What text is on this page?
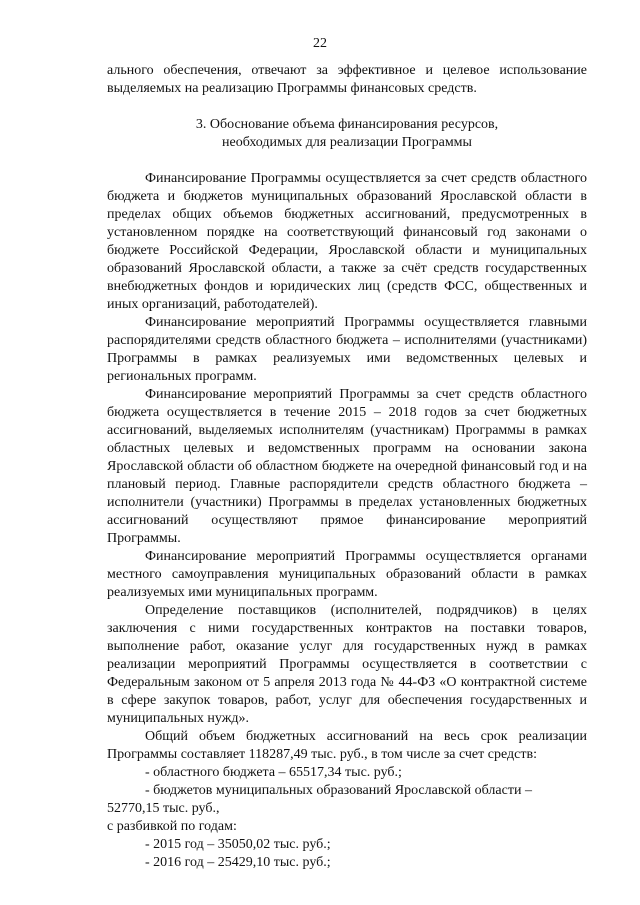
22

ального обеспечения, отвечают за эффективное и целевое использование выделяемых на реализацию Программы финансовых средств.

3. Обоснование объема финансирования ресурсов,
необходимых для реализации Программы

Финансирование Программы осуществляется за счет средств областного бюджета и бюджетов муниципальных образований Ярославской области в пределах общих объемов бюджетных ассигнований, предусмотренных в установленном порядке на соответствующий финансовый год законами о бюджете Российской Федерации, Ярославской области и муниципальных образований Ярославской области, а также за счёт средств государственных внебюджетных фондов и юридических лиц (средств ФСС, общественных и иных организаций, работодателей).

Финансирование мероприятий Программы осуществляется главными распорядителями средств областного бюджета – исполнителями (участниками) Программы в рамках реализуемых ими ведомственных целевых и региональных программ.

Финансирование мероприятий Программы за счет средств областного бюджета осуществляется в течение 2015 – 2018 годов за счет бюджетных ассигнований, выделяемых исполнителям (участникам) Программы в рамках областных целевых и ведомственных программ на основании закона Ярославской области об областном бюджете на очередной финансовый год и на плановый период. Главные распорядители средств областного бюджета – исполнители (участники) Программы в пределах установленных бюджетных ассигнований осуществляют прямое финансирование мероприятий Программы.

Финансирование мероприятий Программы осуществляется органами местного самоуправления муниципальных образований области в рамках реализуемых ими муниципальных программ.

Определение поставщиков (исполнителей, подрядчиков) в целях заключения с ними государственных контрактов на поставки товаров, выполнение работ, оказание услуг для государственных нужд в рамках реализации мероприятий Программы осуществляется в соответствии с Федеральным законом от 5 апреля 2013 года № 44-ФЗ «О контрактной системе в сфере закупок товаров, работ, услуг для обеспечения государственных и муниципальных нужд».

Общий объем бюджетных ассигнований на весь срок реализации Программы составляет 118287,49 тыс. руб., в том числе за счет средств:

- областного бюджета – 65517,34 тыс. руб.;

- бюджетов муниципальных образований Ярославской области –

52770,15 тыс. руб.,

с разбивкой по годам:

- 2015 год – 35050,02 тыс. руб.;

- 2016 год – 25429,10 тыс. руб.;
